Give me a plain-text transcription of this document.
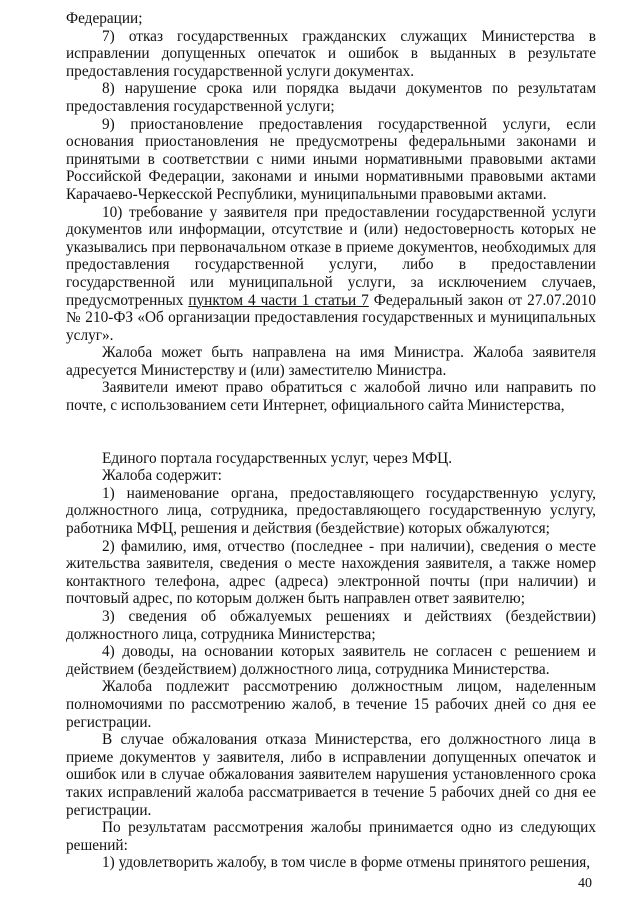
Федерации;

7) отказ государственных гражданских служащих Министерства в исправлении допущенных опечаток и ошибок в выданных в результате предоставления государственной услуги документах.

8) нарушение срока или порядка выдачи документов по результатам предоставления государственной услуги;

9) приостановление предоставления государственной услуги, если основания приостановления не предусмотрены федеральными законами и принятыми в соответствии с ними иными нормативными правовыми актами Российской Федерации, законами и иными нормативными правовыми актами Карачаево-Черкесской Республики, муниципальными правовыми актами.

10) требование у заявителя при предоставлении государственной услуги документов или информации, отсутствие и (или) недостоверность которых не указывались при первоначальном отказе в приеме документов, необходимых для предоставления государственной услуги, либо в предоставлении государственной или муниципальной услуги, за исключением случаев, предусмотренных пунктом 4 части 1 статьи 7 Федеральный закон от 27.07.2010 № 210-ФЗ «Об организации предоставления государственных и муниципальных услуг».

Жалоба может быть направлена на имя Министра. Жалоба заявителя адресуется Министерству и (или) заместителю Министра.

Заявители имеют право обратиться с жалобой лично или направить по почте, с использованием сети Интернет, официального сайта Министерства,

Единого портала государственных услуг, через МФЦ.

Жалоба содержит:

1) наименование органа, предоставляющего государственную услугу, должностного лица, сотрудника, предоставляющего государственную услугу, работника МФЦ, решения и действия (бездействие) которых обжалуются;

2) фамилию, имя, отчество (последнее - при наличии), сведения о месте жительства заявителя, сведения о месте нахождения заявителя, а также номер контактного телефона, адрес (адреса) электронной почты (при наличии) и почтовый адрес, по которым должен быть направлен ответ заявителю;

3) сведения об обжалуемых решениях и действиях (бездействии) должностного лица, сотрудника Министерства;

4) доводы, на основании которых заявитель не согласен с решением и действием (бездействием) должностного лица, сотрудника Министерства.

Жалоба подлежит рассмотрению должностным лицом, наделенным полномочиями по рассмотрению жалоб, в течение 15 рабочих дней со дня ее регистрации.

В случае обжалования отказа Министерства, его должностного лица в приеме документов у заявителя, либо в исправлении допущенных опечаток и ошибок или в случае обжалования заявителем нарушения установленного срока таких исправлений жалоба рассматривается в течение 5 рабочих дней со дня ее регистрации.

По результатам рассмотрения жалобы принимается одно из следующих решений:

1) удовлетворить жалобу, в том числе в форме отмены принятого решения,

40
